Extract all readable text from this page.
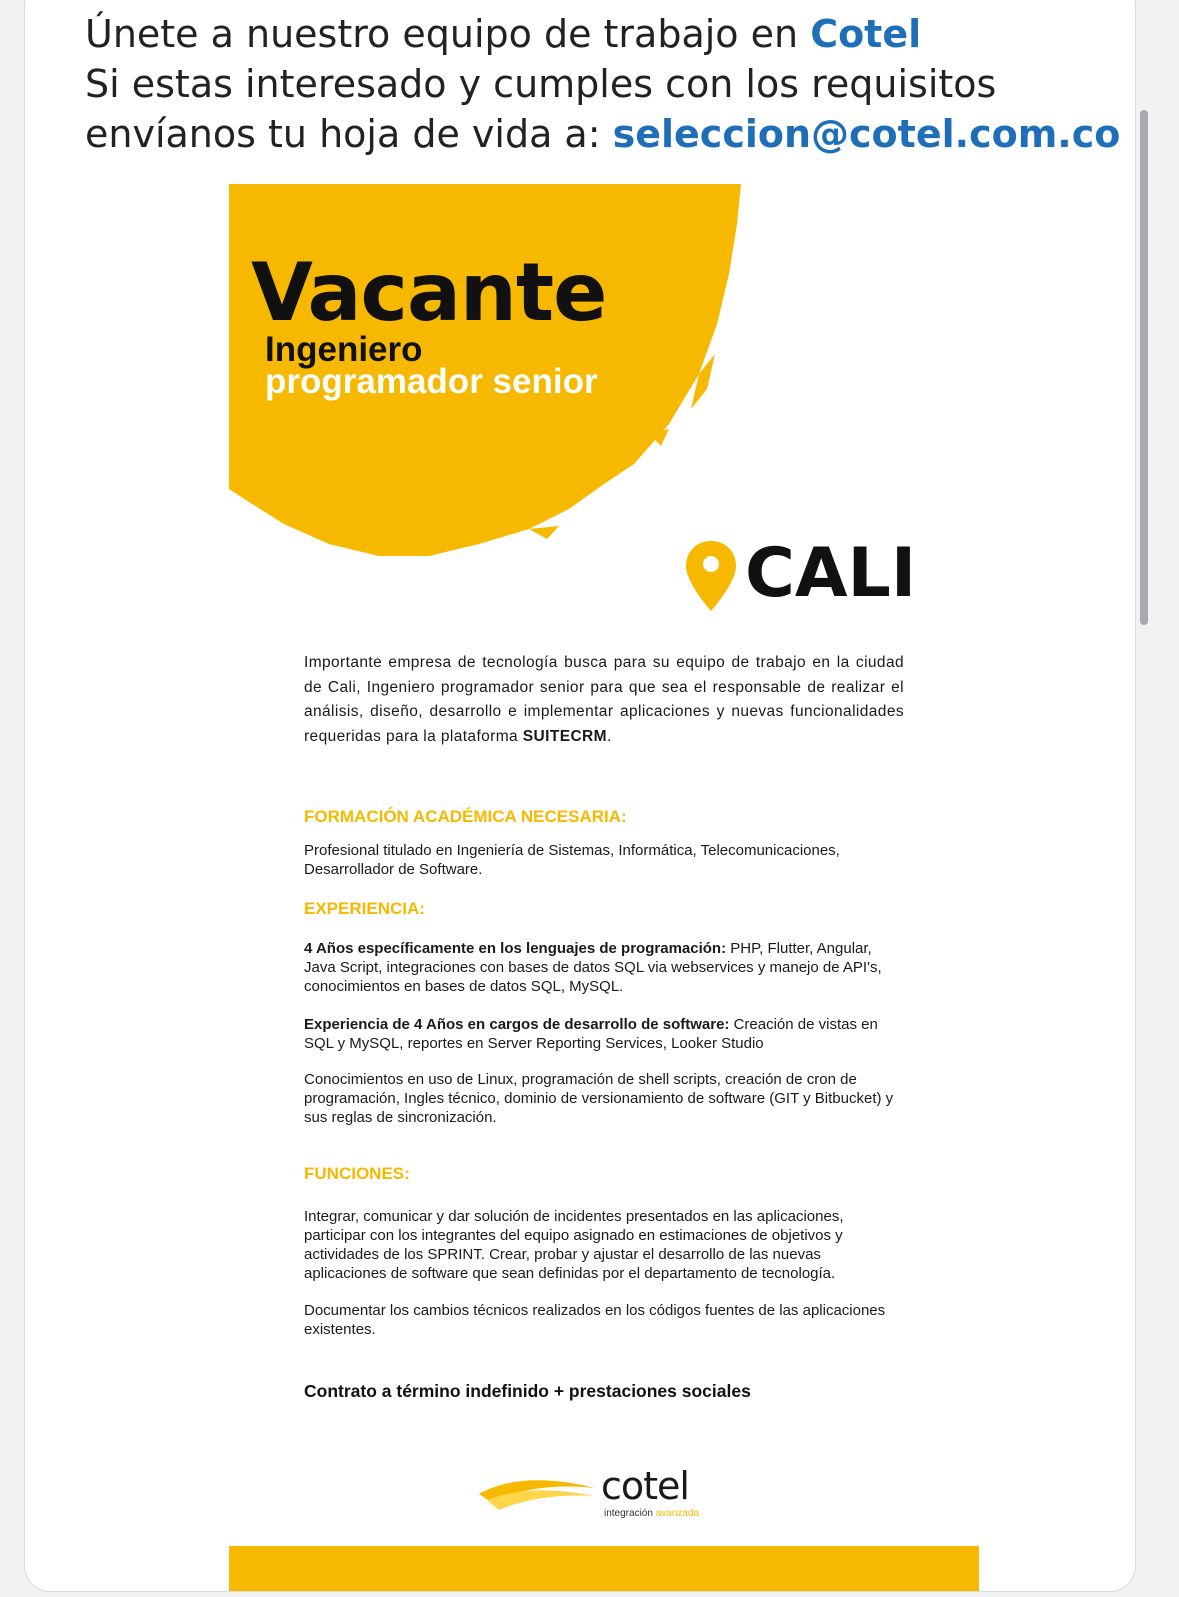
Únete a nuestro equipo de trabajo en Cotel
Si estas interesado y cumples con los requisitos
envíanos tu hoja de vida a: seleccion@cotel.com.co
Vacante
Ingeniero
programador senior
CALI
Importante empresa de tecnología busca para su equipo de trabajo en la ciudad de Cali, Ingeniero programador senior para que sea el responsable de realizar el análisis, diseño, desarrollo e implementar aplicaciones y nuevas funcionalidades requeridas para la plataforma SUITECRM.
FORMACIÓN ACADÉMICA NECESARIA:
Profesional titulado en Ingeniería de Sistemas, Informática, Telecomunicaciones, Desarrollador de Software.
EXPERIENCIA:
4 Años específicamente en los lenguajes de programación: PHP, Flutter, Angular, Java Script, integraciones con bases de datos SQL via webservices y manejo de API's, conocimientos en bases de datos SQL, MySQL.
Experiencia de 4 Años en cargos de desarrollo de software: Creación de vistas en SQL y MySQL, reportes en Server Reporting Services, Looker Studio
Conocimientos en uso de Linux, programación de shell scripts, creación de cron de programación, Ingles técnico, dominio de versionamiento de software (GIT y Bitbucket) y sus reglas de sincronización.
FUNCIONES:
Integrar, comunicar y dar solución de incidentes presentados en las aplicaciones, participar con los integrantes del equipo asignado en estimaciones de objetivos y actividades de los SPRINT. Crear, probar y ajustar el desarrollo de las nuevas aplicaciones de software que sean definidas por el departamento de tecnología.
Documentar los cambios técnicos realizados en los códigos fuentes de las aplicaciones existentes.
Contrato a término indefinido + prestaciones sociales
cotel
integración avanzada
